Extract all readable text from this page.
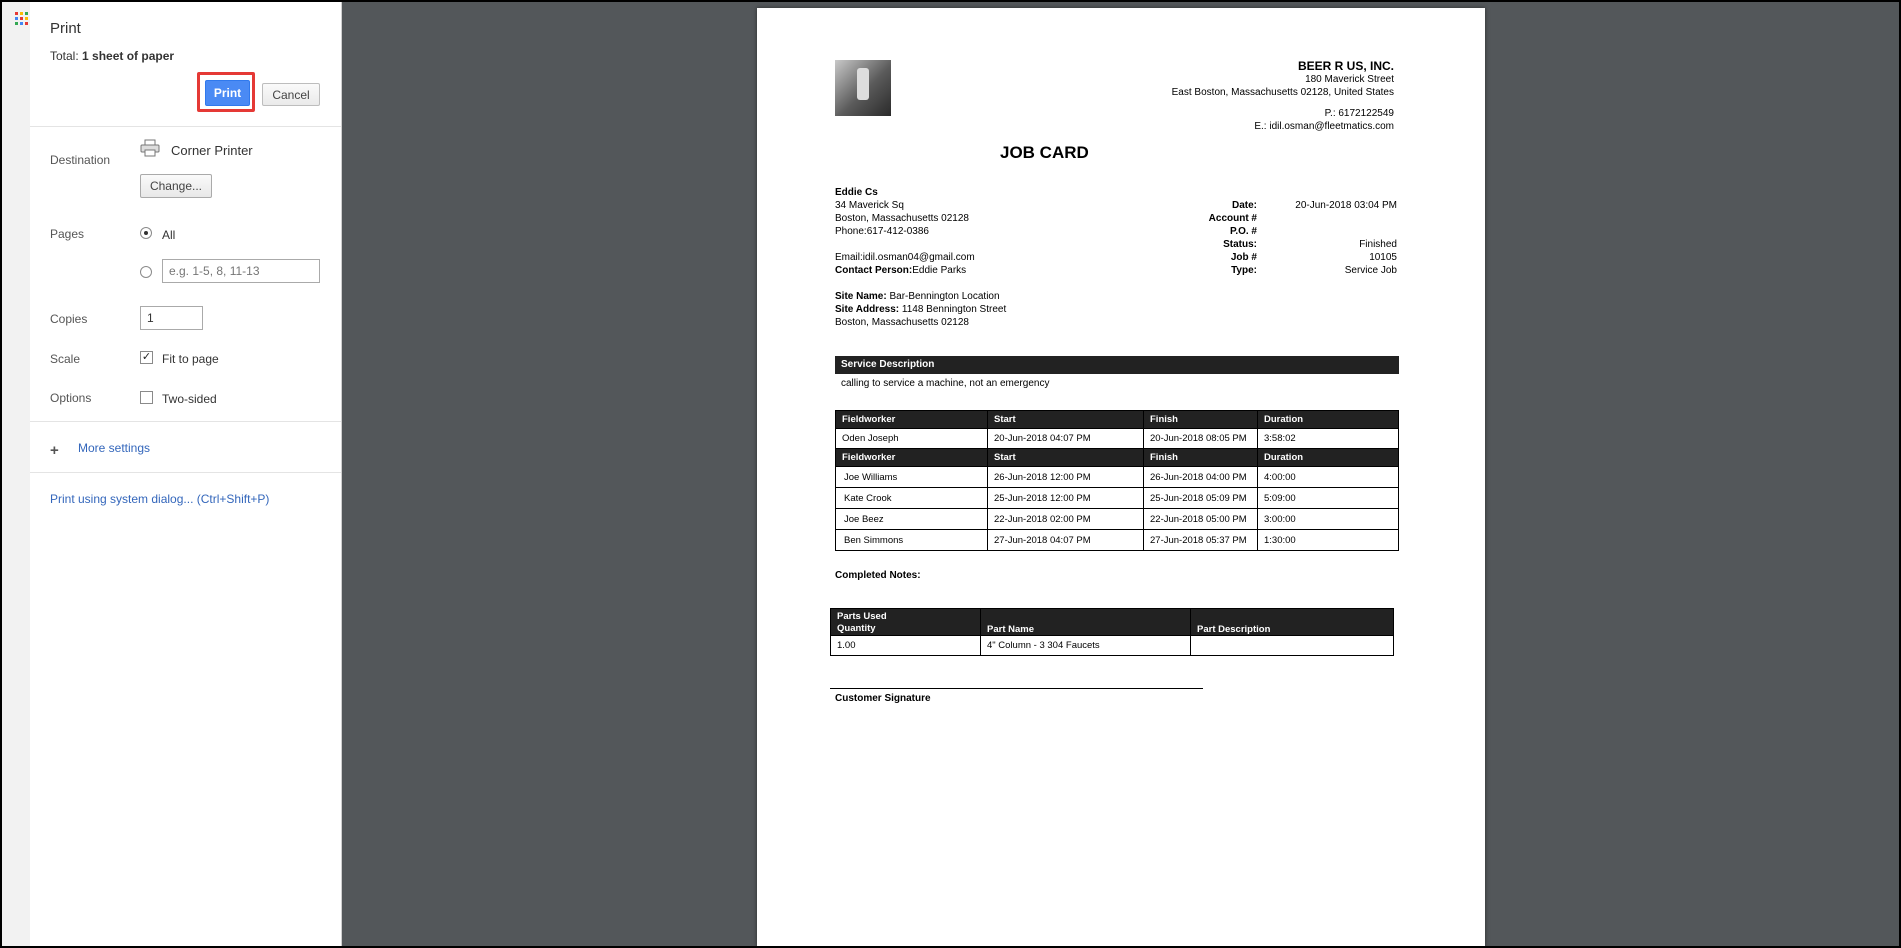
Print
Total: 1 sheet of paper
Print	Cancel
Destination
Corner Printer
Change...
Pages	All
e.g. 1-5, 8, 11-13
Copies
1
Scale	✓ Fit to page
Options	Two-sided
+ More settings
Print using system dialog... (Ctrl+Shift+P)
BEER R US, INC.
180 Maverick Street
East Boston, Massachusetts 02128, United States
P.: 6172122549
E.: idil.osman@fleetmatics.com
JOB CARD
Eddie Cs
34 Maverick Sq
Boston, Massachusetts 02128
Phone:617-412-0386
Email:idil.osman04@gmail.com
Contact Person:Eddie Parks
Date:	20-Jun-2018 03:04 PM
Account #
P.O. #
Status:	Finished
Job #	10105
Type:	Service Job
Site Name: Bar-Bennington Location
Site Address: 1148 Bennington Street
Boston, Massachusetts 02128
Service Description
calling to service a machine, not an emergency
Fieldworker	Start	Finish	Duration
Oden Joseph	20-Jun-2018 04:07 PM	20-Jun-2018 08:05 PM	3:58:02
Fieldworker	Start	Finish	Duration
Joe Williams	26-Jun-2018 12:00 PM	26-Jun-2018 04:00 PM	4:00:00
Kate Crook	25-Jun-2018 12:00 PM	25-Jun-2018 05:09 PM	5:09:00
Joe Beez	22-Jun-2018 02:00 PM	22-Jun-2018 05:00 PM	3:00:00
Ben Simmons	27-Jun-2018 04:07 PM	27-Jun-2018 05:37 PM	1:30:00
Completed Notes:
Parts Used
Quantity	Part Name	Part Description
1.00	4" Column - 3 304 Faucets	
Customer Signature
